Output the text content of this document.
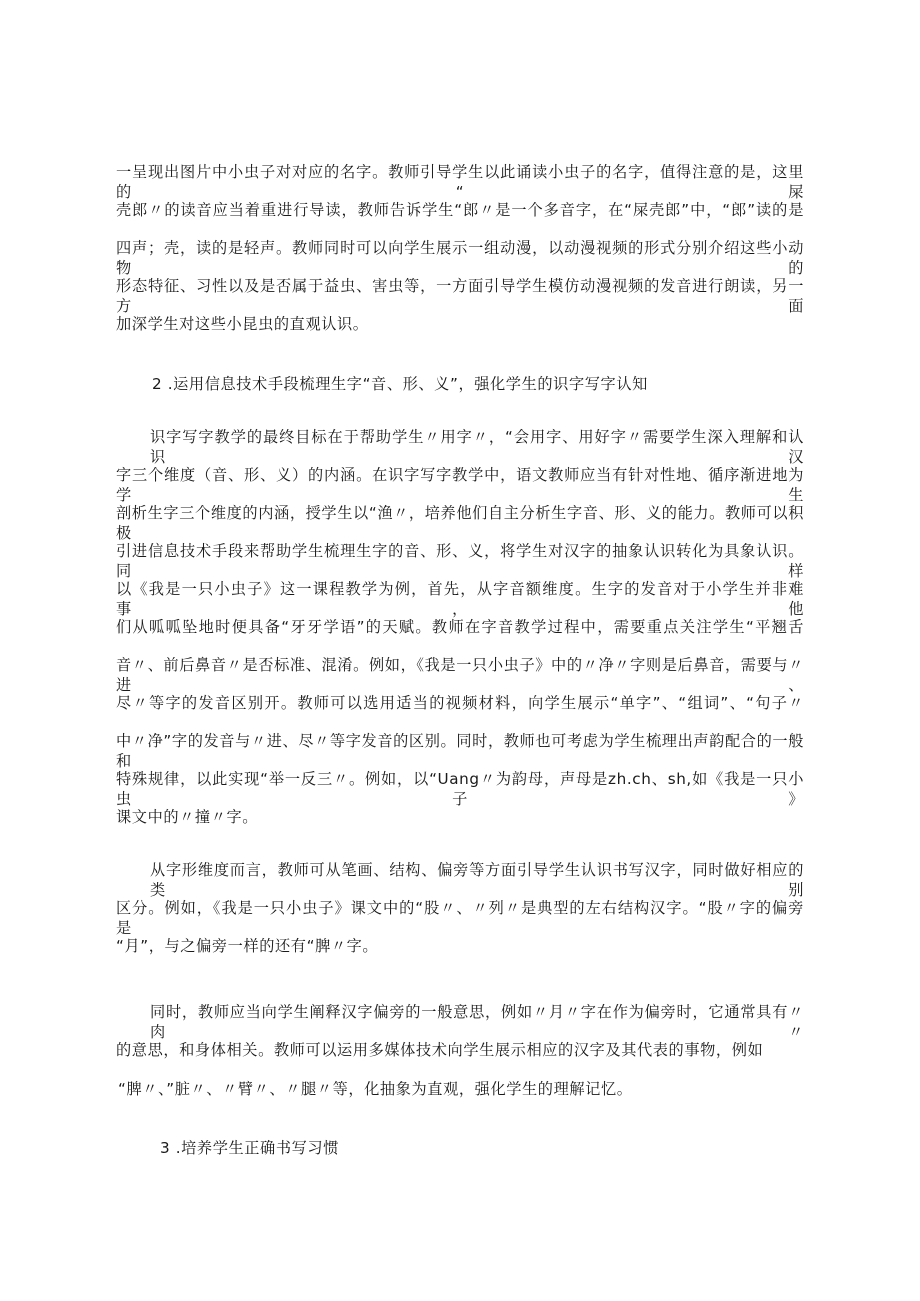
一呈现出图片中小虫子对对应的名字。教师引导学生以此诵读小虫子的名字，值得注意的是，这里的“屎
壳郎〃的读音应当着重进行导读，教师告诉学生“郎〃是一个多音字，在“屎壳郎”中，“郎”读的是
四声；壳，读的是轻声。教师同时可以向学生展示一组动漫，以动漫视频的形式分别介绍这些小动物的
形态特征、习性以及是否属于益虫、害虫等，一方面引导学生模仿动漫视频的发音进行朗读，另一方面
加深学生对这些小昆虫的直观认识。
2 .运用信息技术手段梳理生字“音、形、义”，强化学生的识字写字认知
识字写字教学的最终目标在于帮助学生〃用字〃，“会用字、用好字〃需要学生深入理解和认识汉
字三个维度（音、形、义）的内涵。在识字写字教学中，语文教师应当有针对性地、循序渐进地为学生
剖析生字三个维度的内涵，授学生以“渔〃，培养他们自主分析生字音、形、义的能力。教师可以积极
引进信息技术手段来帮助学生梳理生字的音、形、义，将学生对汉字的抽象认识转化为具象认识。同样
以《我是一只小虫子》这一课程教学为例，首先，从字音额维度。生字的发音对于小学生并非难事，他
们从呱呱坠地时便具备“牙牙学语”的天赋。教师在字音教学过程中，需要重点关注学生“平翘舌
音〃、前后鼻音〃是否标准、混淆。例如，《我是一只小虫子》中的〃净〃字则是后鼻音，需要与〃进、
尽〃等字的发音区别开。教师可以选用适当的视频材料，向学生展示“单字”、“组词”、“句子〃
中〃净”字的发音与〃进、尽〃等字发音的区别。同时，教师也可考虑为学生梳理出声韵配合的一般和
特殊规律，以此实现“举一反三〃。例如，以“Uang〃为韵母，声母是zh.ch、sh,如《我是一只小虫子》
课文中的〃撞〃字。
从字形维度而言，教师可从笔画、结构、偏旁等方面引导学生认识书写汉字，同时做好相应的类别
区分。例如，《我是一只小虫子》课文中的“股〃、〃列〃是典型的左右结构汉字。“股〃字的偏旁是
“月”，与之偏旁一样的还有“脾〃字。
同时，教师应当向学生阐释汉字偏旁的一般意思，例如〃月〃字在作为偏旁时，它通常具有〃肉〃
的意思，和身体相关。教师可以运用多媒体技术向学生展示相应的汉字及其代表的事物，例如
“脾〃、”脏〃、〃臂〃、〃腿〃等，化抽象为直观，强化学生的理解记忆。
3 .培养学生正确书写习惯
